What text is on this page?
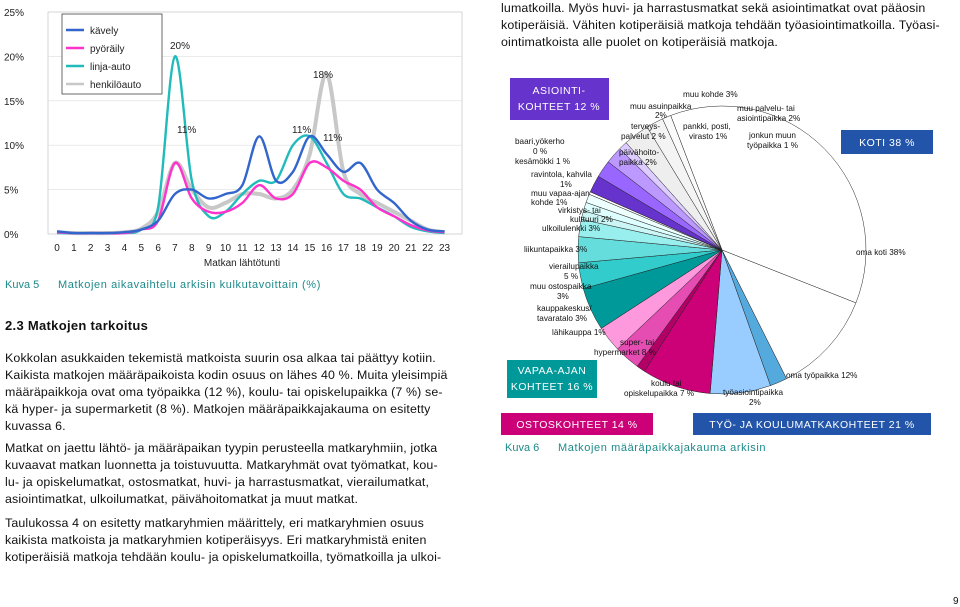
25%
20%
15%
10%
5%
0%
0 1 2 3 4 5 6 7 8 9 10 11 12 13 14 15 16 17 18 19 20 21 22 23
Matkan lähtötunti
kävely
pyöräily
linja-auto
henkilöauto
20%
18%
11%	11%
11%
Kuva 5 Matkojen aikavaihtelu arkisin kulkutavoittain (%)
2.3 Matkojen tarkoitus
Kokkolan asukkaiden tekemistä matkoista suurin osa alkaa tai päättyy kotiin.
Kaikista matkojen määräpaikoista kodin osuus on lähes 40 %. Muita yleisimpiä
määräpaikkoja ovat oma työpaikka (12 %), koulu- tai opiskelupaikka (7 %) se-
kä hyper- ja supermarketit (8 %). Matkojen määräpaikkajakauma on esitetty
kuvassa 6.
Matkat on jaettu lähtö- ja määräpaikan tyypin perusteella matkaryhmiin, jotka
kuvaavat matkan luonnetta ja toistuvuutta. Matkaryhmät ovat työmatkat, kou-
lu- ja opiskelumatkat, ostosmatkat, huvi- ja harrastusmatkat, vierailumatkat,
asiointimatkat, ulkoilumatkat, päivähoitomatkat ja muut matkat.
Taulukossa 4 on esitetty matkaryhmien määrittely, eri matkaryhmien osuus
kaikista matkoista ja matkaryhmien kotiperäisyys. Eri matkaryhmistä eniten
kotiperäisiä matkoja tehdään koulu- ja opiskelumatkoilla, työmatkoilla ja ulkoi-
lumatkoilla. Myös huvi- ja harrastusmatkat sekä asiointimatkat ovat pääosin
kotiperäisiä. Vähiten kotiperäisiä matkoja tehdään työasiointimatkoilla. Työasi-
ointimatkoista alle puolet on kotiperäisiä matkoja.
ASIOINTI-
KOHTEET 12 %
KOTI 38 %
VAPAA-AJAN
KOHTEET 16 %
OSTOSKOHTEET 14 %	TYÖ- JA KOULUMATKAKOHTEET 21 %
muu kohde 3%
muu asuinpaikka
2%
muu palvelu- tai
asiointipaikka 2%
terveys-
palvelut 2 %
pankki, posti,
virasto 1%	jonkun muun
työpaikka 1 %
baari,yökerho
0 %
kesämökki 1 %
päivähoito-
paikka 2%
ravintola, kahvila
1%
muu vapaa-ajan
kohde 1%
virkistys- tai
kulttuuri 2%
ulkoilulenkki 3%
liikuntapaikka 3%
vierailupaikka
5 %
muu ostospaikka
3%
kauppakeskus/
tavaratalo 3%
lähikauppa 1%
super- tai
hypermarket 8 %
koulu tai
opiskelupaikka 7 %	työasiointipaikka
2%
oma työpaikka 12%
oma koti 38%
Kuva 6 Matkojen määräpaikkajakauma arkisin
9
